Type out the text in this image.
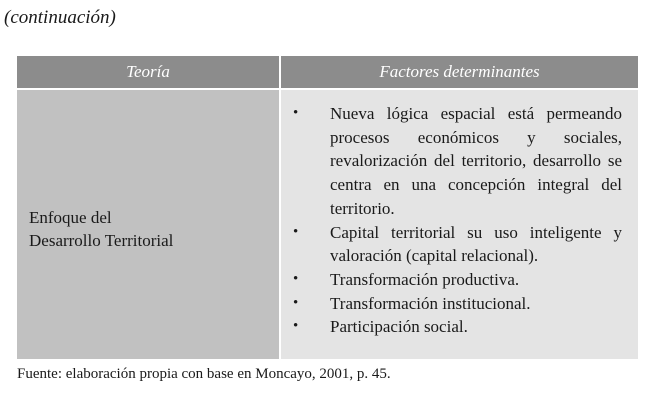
(continuación)
Teoría	Factores determinantes
Enfoque del
Desarrollo Territorial
• Nueva lógica espacial está permeando procesos económicos y sociales, revalorización del territorio, desarrollo se centra en una concepción integral del territorio.
• Capital territorial su uso inteligente y valoración (capital relacional).
• Transformación productiva.
• Transformación institucional.
• Participación social.
Fuente: elaboración propia con base en Moncayo, 2001, p. 45.
